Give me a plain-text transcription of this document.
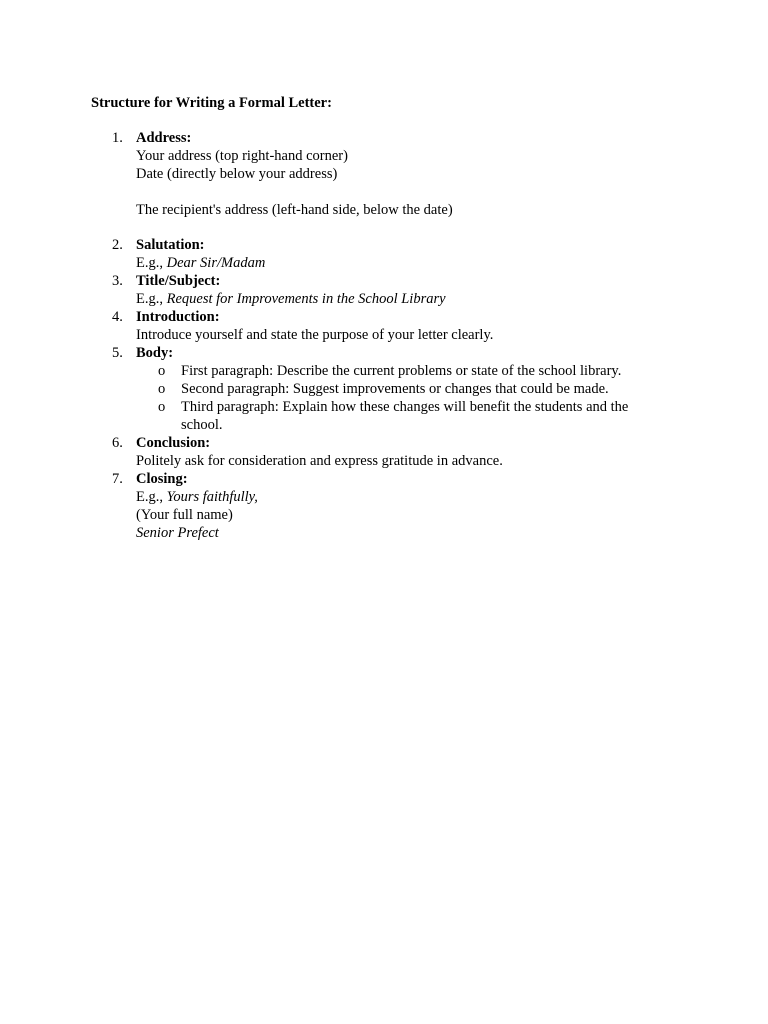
Structure for Writing a Formal Letter:
1. Address:
Your address (top right-hand corner)
Date (directly below your address)
The recipient's address (left-hand side, below the date)
2. Salutation:
E.g., Dear Sir/Madam
3. Title/Subject:
E.g., Request for Improvements in the School Library
4. Introduction:
Introduce yourself and state the purpose of your letter clearly.
5. Body:
o First paragraph: Describe the current problems or state of the school library.
o Second paragraph: Suggest improvements or changes that could be made.
o Third paragraph: Explain how these changes will benefit the students and the school.
6. Conclusion:
Politely ask for consideration and express gratitude in advance.
7. Closing:
E.g., Yours faithfully,
(Your full name)
Senior Prefect
